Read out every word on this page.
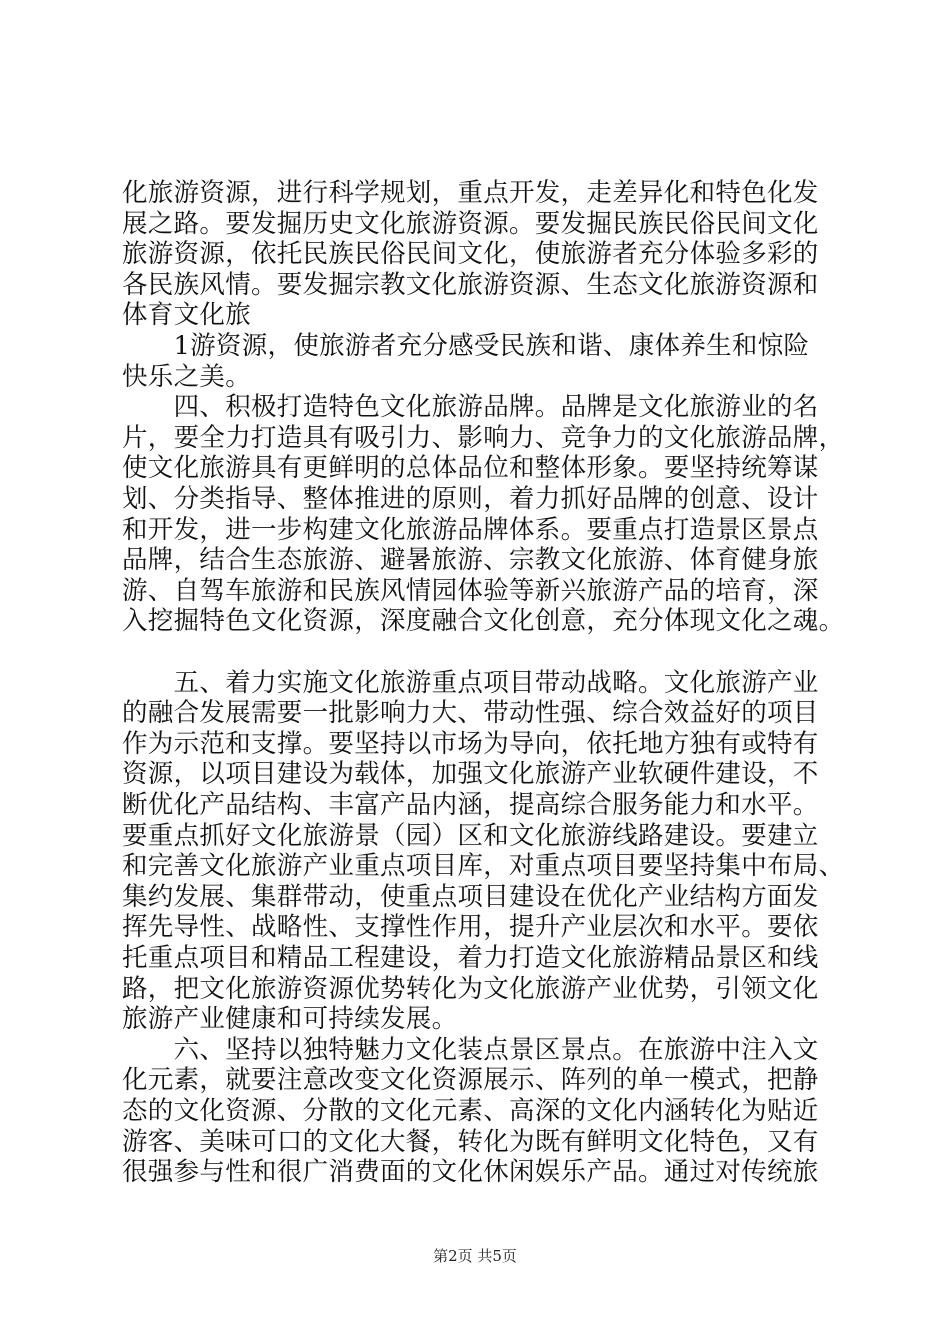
化旅游资源，进行科学规划，重点开发，走差异化和特色化发
展之路。要发掘历史文化旅游资源。要发掘民族民俗民间文化
旅游资源，依托民族民俗民间文化，使旅游者充分体验多彩的
各民族风情。要发掘宗教文化旅游资源、生态文化旅游资源和
体育文化旅
　　1游资源，使旅游者充分感受民族和谐、康体养生和惊险
快乐之美。
　　四、积极打造特色文化旅游品牌。品牌是文化旅游业的名
片，要全力打造具有吸引力、影响力、竞争力的文化旅游品牌，
使文化旅游具有更鲜明的总体品位和整体形象。要坚持统筹谋
划、分类指导、整体推进的原则，着力抓好品牌的创意、设计
和开发，进一步构建文化旅游品牌体系。要重点打造景区景点
品牌，结合生态旅游、避暑旅游、宗教文化旅游、体育健身旅
游、自驾车旅游和民族风情园体验等新兴旅游产品的培育，深
入挖掘特色文化资源，深度融合文化创意，充分体现文化之魂。
　　五、着力实施文化旅游重点项目带动战略。文化旅游产业
的融合发展需要一批影响力大、带动性强、综合效益好的项目
作为示范和支撑。要坚持以市场为导向，依托地方独有或特有
资源，以项目建设为载体，加强文化旅游产业软硬件建设，不
断优化产品结构、丰富产品内涵，提高综合服务能力和水平。
要重点抓好文化旅游景（园）区和文化旅游线路建设。要建立
和完善文化旅游产业重点项目库，对重点项目要坚持集中布局、
集约发展、集群带动，使重点项目建设在优化产业结构方面发
挥先导性、战略性、支撑性作用，提升产业层次和水平。要依
托重点项目和精品工程建设，着力打造文化旅游精品景区和线
路，把文化旅游资源优势转化为文化旅游产业优势，引领文化
旅游产业健康和可持续发展。
　　六、坚持以独特魅力文化装点景区景点。在旅游中注入文
化元素，就要注意改变文化资源展示、阵列的单一模式，把静
态的文化资源、分散的文化元素、高深的文化内涵转化为贴近
游客、美味可口的文化大餐，转化为既有鲜明文化特色，又有
很强参与性和很广消费面的文化休闲娱乐产品。通过对传统旅
第2页 共5页
